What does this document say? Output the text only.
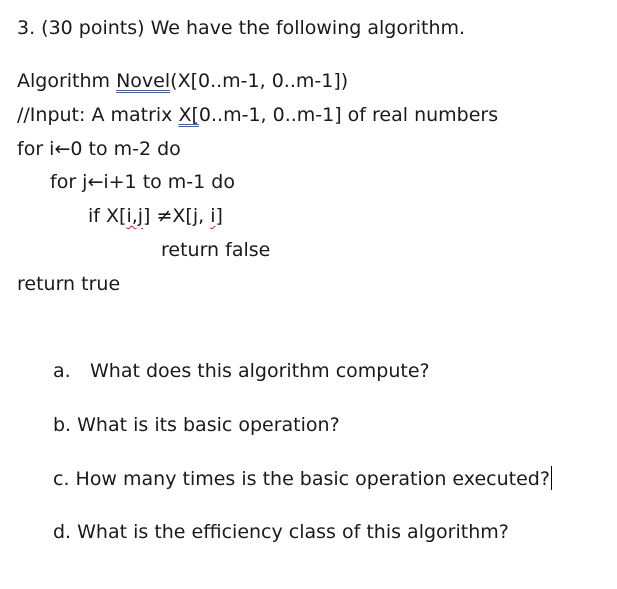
3. (30 points) We have the following algorithm.
Algorithm Novel(X[0..m-1, 0..m-1])
//Input: A matrix X[0..m-1, 0..m-1] of real numbers
for i←0 to m-2 do
for j←i+1 to m-1 do
if X[i,j] ≠X[j, i]
return false
return true
a. What does this algorithm compute?
b. What is its basic operation?
c. How many times is the basic operation executed?
d. What is the efficiency class of this algorithm?
